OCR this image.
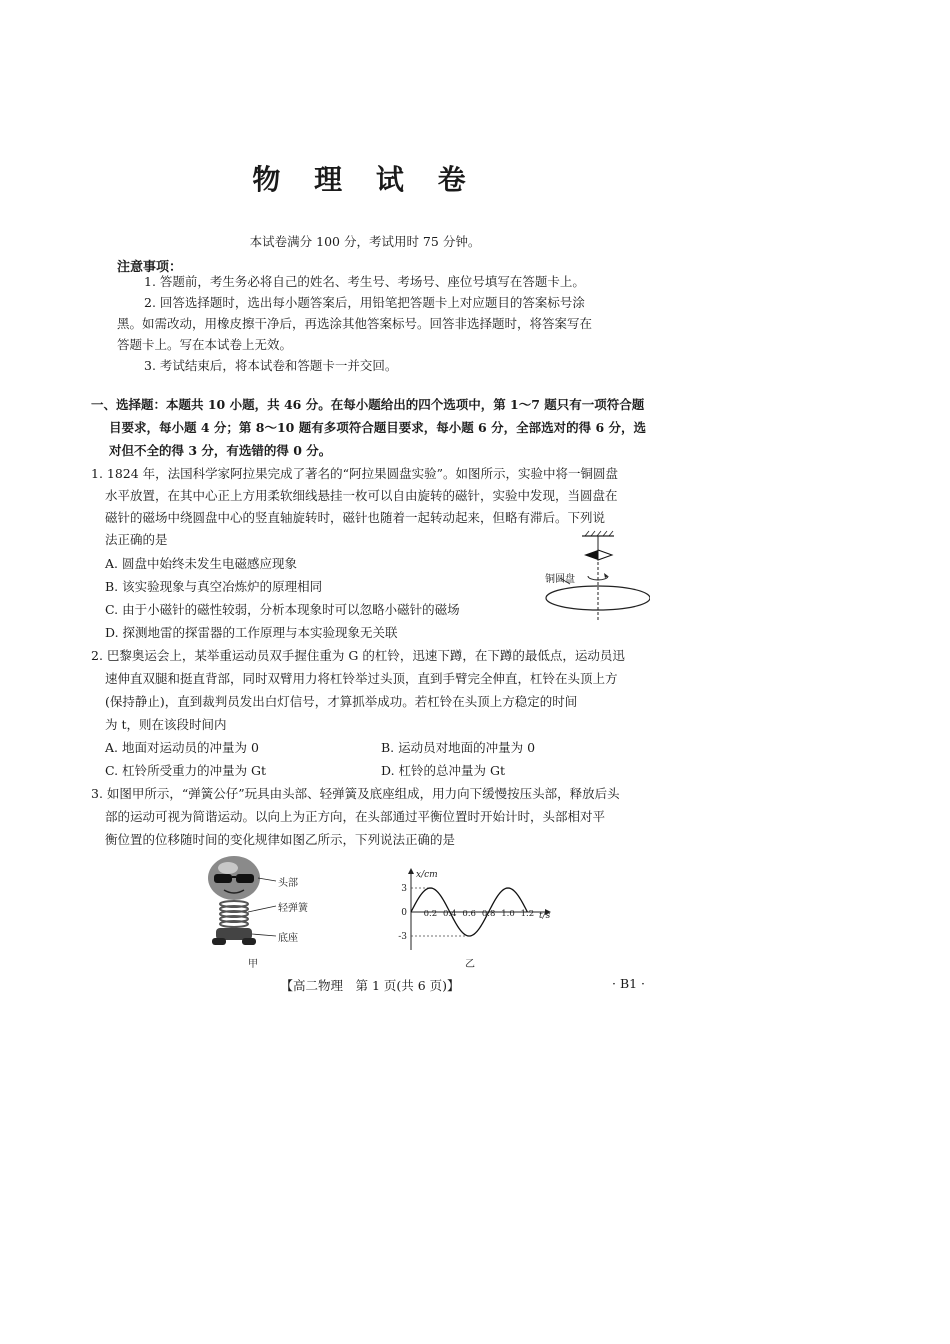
物 理 试 卷
本试卷满分 100 分，考试用时 75 分钟。
注意事项：
1. 答题前，考生务必将自己的姓名、考生号、考场号、座位号填写在答题卡上。
2. 回答选择题时，选出每小题答案后，用铅笔把答题卡上对应题目的答案标号涂
黑。如需改动，用橡皮擦干净后，再选涂其他答案标号。回答非选择题时，将答案写在
答题卡上。写在本试卷上无效。
3. 考试结束后，将本试卷和答题卡一并交回。
一、选择题：本题共 10 小题，共 46 分。在每小题给出的四个选项中，第 1～7 题只有一项符合题
目要求，每小题 4 分；第 8～10 题有多项符合题目要求，每小题 6 分，全部选对的得 6 分，选
对但不全的得 3 分，有选错的得 0 分。
1. 1824 年，法国科学家阿拉果完成了著名的“阿拉果圆盘实验”。如图所示，实验中将一铜圆盘
水平放置，在其中心正上方用柔软细线悬挂一枚可以自由旋转的磁针，实验中发现，当圆盘在
磁针的磁场中绕圆盘中心的竖直轴旋转时，磁针也随着一起转动起来，但略有滞后。下列说
法正确的是
A. 圆盘中始终未发生电磁感应现象
B. 该实验现象与真空冶炼炉的原理相同
C. 由于小磁针的磁性较弱，分析本现象时可以忽略小磁针的磁场
D. 探测地雷的探雷器的工作原理与本实验现象无关联
铜圆盘
2. 巴黎奥运会上，某举重运动员双手握住重为 G 的杠铃，迅速下蹲，在下蹲的最低点，运动员迅
速伸直双腿和挺直背部，同时双臂用力将杠铃举过头顶，直到手臂完全伸直，杠铃在头顶上方
(保持静止)，直到裁判员发出白灯信号，才算抓举成功。若杠铃在头顶上方稳定的时间
为 t，则在该段时间内
A. 地面对运动员的冲量为 0	B. 运动员对地面的冲量为 0
C. 杠铃所受重力的冲量为 Gt	D. 杠铃的总冲量为 Gt
3. 如图甲所示，“弹簧公仔”玩具由头部、轻弹簧及底座组成，用力向下缓慢按压头部，释放后头
部的运动可视为简谐运动。以向上为正方向，在头部通过平衡位置时开始计时，头部相对平
衡位置的位移随时间的变化规律如图乙所示，下列说法正确的是
头部
轻弹簧
底座
甲
x/cm
t/s
3
0
-3
0.2 0.4 0.6 0.8 1.0 1.2
乙
【高二物理　第 1 页(共 6 页)】	· B1 ·
